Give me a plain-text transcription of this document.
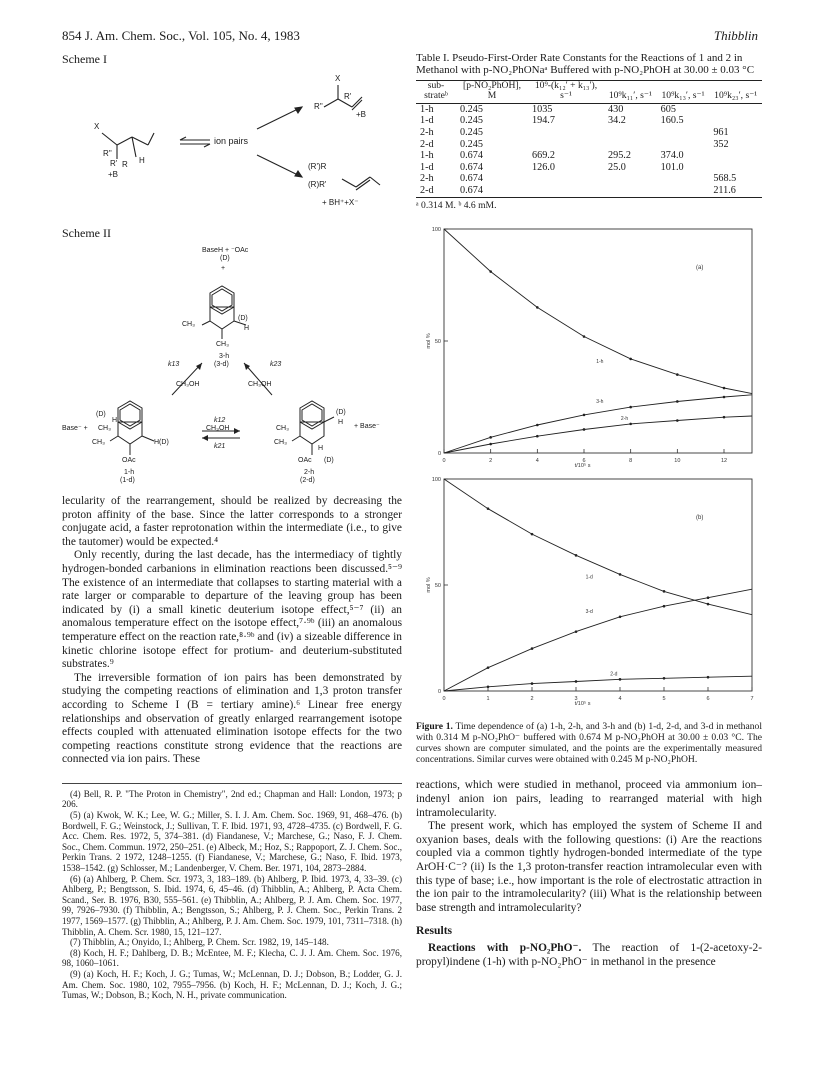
854 J. Am. Chem. Soc., Vol. 105, No. 4, 1983	Thibblin
Scheme I
X
H
R''
R' R
+B
ion pairs
X
R''
R'
+B
(R')R
(R)R'
+ BH⁺+X⁻
Scheme II
BaseH + ⁻OAc
(D)
+
CH₃
(D)
H
CH₃
3-h
(3-d)
k13	k23
CH₃OH	CH₃OH
(D)
Base⁻ + CH₃
H
CH₃	H(D)
OAc
1-h
(1-d)
k12
CH₃OH
k21
(D)
H
+ Base⁻
CH₃
CH₃
H
OAc (D)
2-h
(2-d)

lecularity of the rearrangement, should be realized by decreasing the proton affinity of the base. Since the latter corresponds to a stronger conjugate acid, a faster reprotonation within the intermediate (i.e., to give the tautomer) would be expected.⁴

Only recently, during the last decade, has the intermediacy of tightly hydrogen-bonded carbanions in elimination reactions been discussed.⁵⁻⁹ The existence of an intermediate that collapses to starting material with a rate larger or comparable to departure of the leaving group has been indicated by (i) a small kinetic deuterium isotope effect,⁵⁻⁷ (ii) an anomalous temperature effect on the isotope effect,⁷·⁹ᵇ (iii) an anomalous temperature effect on the reaction rate,⁸·⁹ᵇ and (iv) a sizeable difference in kinetic chlorine isotope effect for protium- and deuterium-substituted substrates.⁹

The irreversible formation of ion pairs has been demonstrated by studying the competing reactions of elimination and 1,3 proton transfer according to Scheme I (B = tertiary amine).⁶ Linear free energy relationships and observation of greatly enlarged rearrangement isotope effects coupled with attenuated elimination isotope effects for the two competing reactions constitute strong evidence that the reactions are connected via ion pairs. These

(4) Bell, R. P. "The Proton in Chemistry", 2nd ed.; Chapman and Hall: London, 1973; p 206.
(5) (a) Kwok, W. K.; Lee, W. G.; Miller, S. I. J. Am. Chem. Soc. 1969, 91, 468–476. (b) Bordwell, F. G.; Weinstock, J.; Sullivan, T. F. Ibid. 1971, 93, 4728–4735. (c) Bordwell, F. G. Acc. Chem. Res. 1972, 5, 374–381. (d) Fiandanese, V.; Marchese, G.; Naso, F. J. Chem. Soc., Chem. Commun. 1972, 250–251. (e) Albeck, M.; Hoz, S.; Rappoport, Z. J. Chem. Soc., Perkin Trans. 2 1972, 1248–1255. (f) Fiandanese, V.; Marchese, G.; Naso, F. Ibid. 1973, 1538–1542. (g) Schlosser, M.; Landenberger, V. Chem. Ber. 1971, 104, 2873–2884.
(6) (a) Ahlberg, P. Chem. Scr. 1973, 3, 183–189. (b) Ahlberg, P. Ibid. 1973, 4, 33–39. (c) Ahlberg, P.; Bengtsson, S. Ibid. 1974, 6, 45–46. (d) Thibblin, A.; Ahlberg, P. Acta Chem. Scand., Ser. B. 1976, B30, 555–561. (e) Thibblin, A.; Ahlberg, P. J. Am. Chem. Soc. 1977, 99, 7926–7930. (f) Thibblin, A.; Bengtsson, S.; Ahlberg, P. J. Chem. Soc., Perkin Trans. 2 1977, 1569–1577. (g) Thibblin, A.; Ahlberg, P. J. Am. Chem. Soc. 1979, 101, 7311–7318. (h) Thibblin, A. Chem. Scr. 1980, 15, 121–127.
(7) Thibblin, A.; Onyido, I.; Ahlberg, P. Chem. Scr. 1982, 19, 145–148.
(8) Koch, H. F.; Dahlberg, D. B.; McEntee, M. F.; Klecha, C. J. J. Am. Chem. Soc. 1976, 98, 1060–1061.
(9) (a) Koch, H. F.; Koch, J. G.; Tumas, W.; McLennan, D. J.; Dobson, B.; Lodder, G. J. Am. Chem. Soc. 1980, 102, 7955–7956. (b) Koch, H. F.; McLennan, D. J.; Koch, J. G.; Tumas, W.; Dobson, B.; Koch, N. H., private communication.
Table I. Pseudo-First-Order Rate Constants for the Reactions of 1 and 2 in Methanol with p-NO₂PhONaᵃ Buffered with p-NO₂PhOH at 30.00 ± 0.03 °C
sub-strateᵇ	[p-NO₂PhOH], M	10⁹-(k₁₂′ + k₁₃′), s⁻¹	10⁹k₁₁′, s⁻¹	10⁹k₁₃′, s⁻¹	10⁹k₂₃′, s⁻¹
1-h	0.245	1035	430	605	
1-d	0.245	194.7	34.2	160.5	
2-h	0.245				961
2-d	0.245				352
1-h	0.674	669.2	295.2	374.0	
1-d	0.674	126.0	25.0	101.0	
2-h	0.674				568.5
2-d	0.674				211.6
ᵃ 0.314 M. ᵇ 4.6 mM.
0	2	4	6	8	10	12
0
50
100
mol %
t/10⁵ s
(a)
1-h
3-h
2-h
0	1	2	3	4	5	6	7
0
50
100
mol %
t/10⁵ s
(b)
1-d
3-d
2-d
Figure 1. Time dependence of (a) 1-h, 2-h, and 3-h and (b) 1-d, 2-d, and 3-d in methanol with 0.314 M p-NO₂PhO⁻ buffered with 0.674 M p-NO₂PhOH at 30.00 ± 0.03 °C. The curves shown are computer simulated, and the points are the experimentally measured concentrations. Similar curves were obtained with 0.245 M p-NO₂PhOH.

reactions, which were studied in methanol, proceed via ammonium ion–indenyl anion ion pairs, leading to rearranged material with high intramolecularity.

The present work, which has employed the system of Scheme II and oxyanion bases, deals with the following questions: (i) Are the reactions coupled via a common tightly hydrogen-bonded intermediate of the type ArOH·C⁻? (ii) Is the 1,3 proton-transfer reaction intramolecular even with this type of base; i.e., how important is the role of electrostatic attraction in the ion pair to the intramolecularity? (iii) What is the relationship between base strength and intramolecularity?

Results

Reactions with p-NO₂PhO⁻. The reaction of 1-(2-acetoxy-2-propyl)indene (1-h) with p-NO₂PhO⁻ in methanol in the presence
